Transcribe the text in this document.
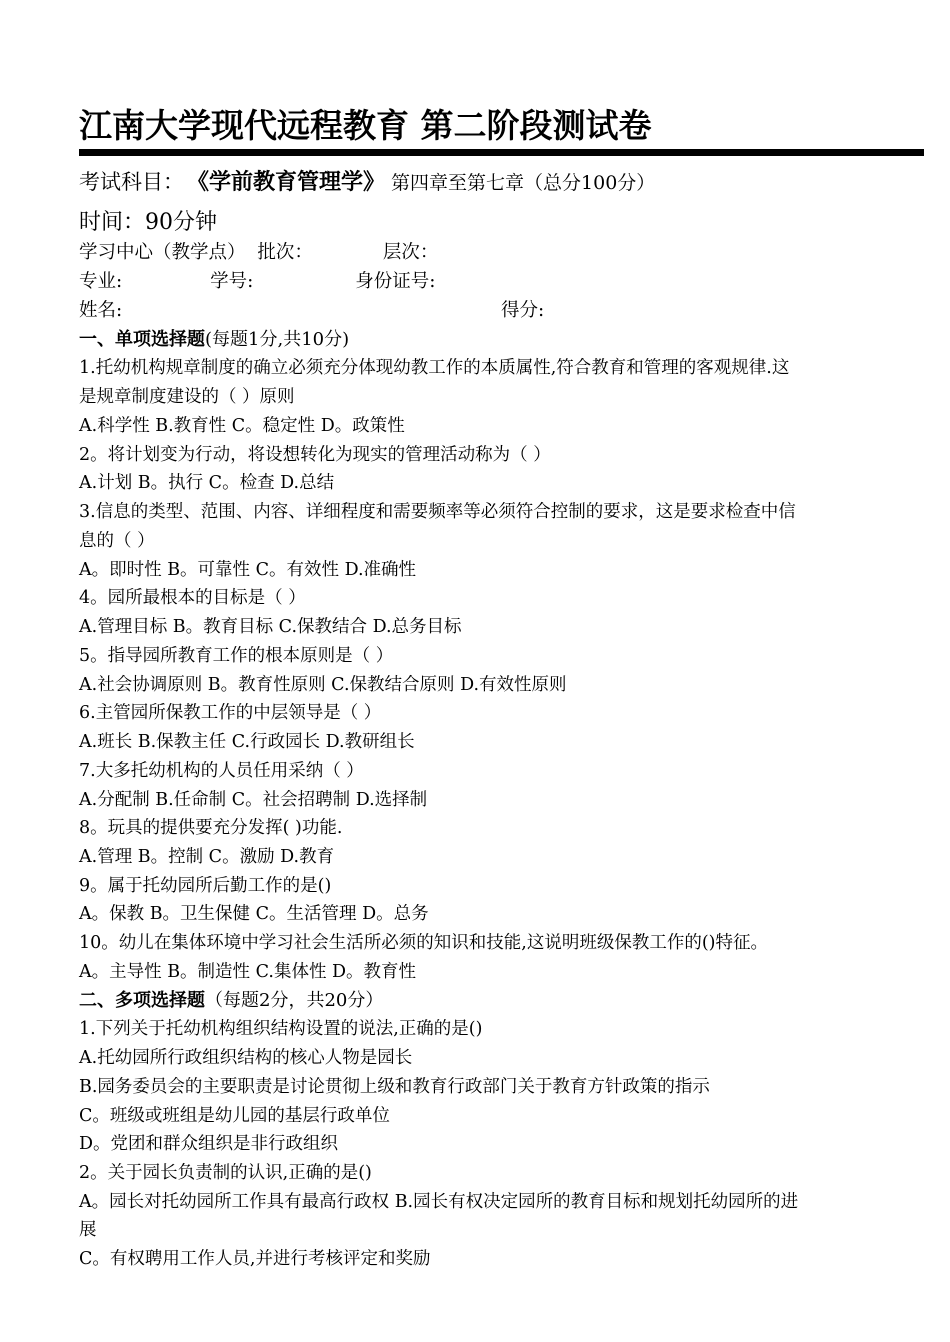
江南大学现代远程教育 第二阶段测试卷
考试科目： 《学前教育管理学》 第四章至第七章（总分100分）
时间：90分钟
学习中心（教学点） 批次：	层次：
专业:	学号:	身份证号:
姓名:	得分:
一、单项选择题(每题1分,共10分)
1.托幼机构规章制度的确立必须充分体现幼教工作的本质属性,符合教育和管理的客观规律.这
是规章制度建设的（ ）原则
A.科学性 B.教育性 C。稳定性 D。政策性
2。将计划变为行动，将设想转化为现实的管理活动称为（ ）
A.计划 B。执行 C。检查 D.总结
3.信息的类型、范围、内容、详细程度和需要频率等必须符合控制的要求，这是要求检查中信
息的（ ）
A。即时性 B。可靠性 C。有效性 D.准确性
4。园所最根本的目标是（ ）
A.管理目标 B。教育目标 C.保教结合 D.总务目标
5。指导园所教育工作的根本原则是（ ）
A.社会协调原则 B。教育性原则 C.保教结合原则 D.有效性原则
6.主管园所保教工作的中层领导是（ ）
A.班长 B.保教主任 C.行政园长 D.教研组长
7.大多托幼机构的人员任用采纳（ ）
A.分配制 B.任命制 C。社会招聘制 D.选择制
8。玩具的提供要充分发挥( )功能.
A.管理 B。控制 C。激励 D.教育
9。属于托幼园所后勤工作的是()
A。保教 B。卫生保健 C。生活管理 D。总务
10。幼儿在集体环境中学习社会生活所必须的知识和技能,这说明班级保教工作的()特征。
A。主导性 B。制造性 C.集体性 D。教育性
二、多项选择题（每题2分，共20分）
1.下列关于托幼机构组织结构设置的说法,正确的是()
A.托幼园所行政组织结构的核心人物是园长
B.园务委员会的主要职责是讨论贯彻上级和教育行政部门关于教育方针政策的指示
C。班级或班组是幼儿园的基层行政单位
D。党团和群众组织是非行政组织
2。关于园长负责制的认识,正确的是()
A。园长对托幼园所工作具有最高行政权 B.园长有权决定园所的教育目标和规划托幼园所的进
展
C。有权聘用工作人员,并进行考核评定和奖励
